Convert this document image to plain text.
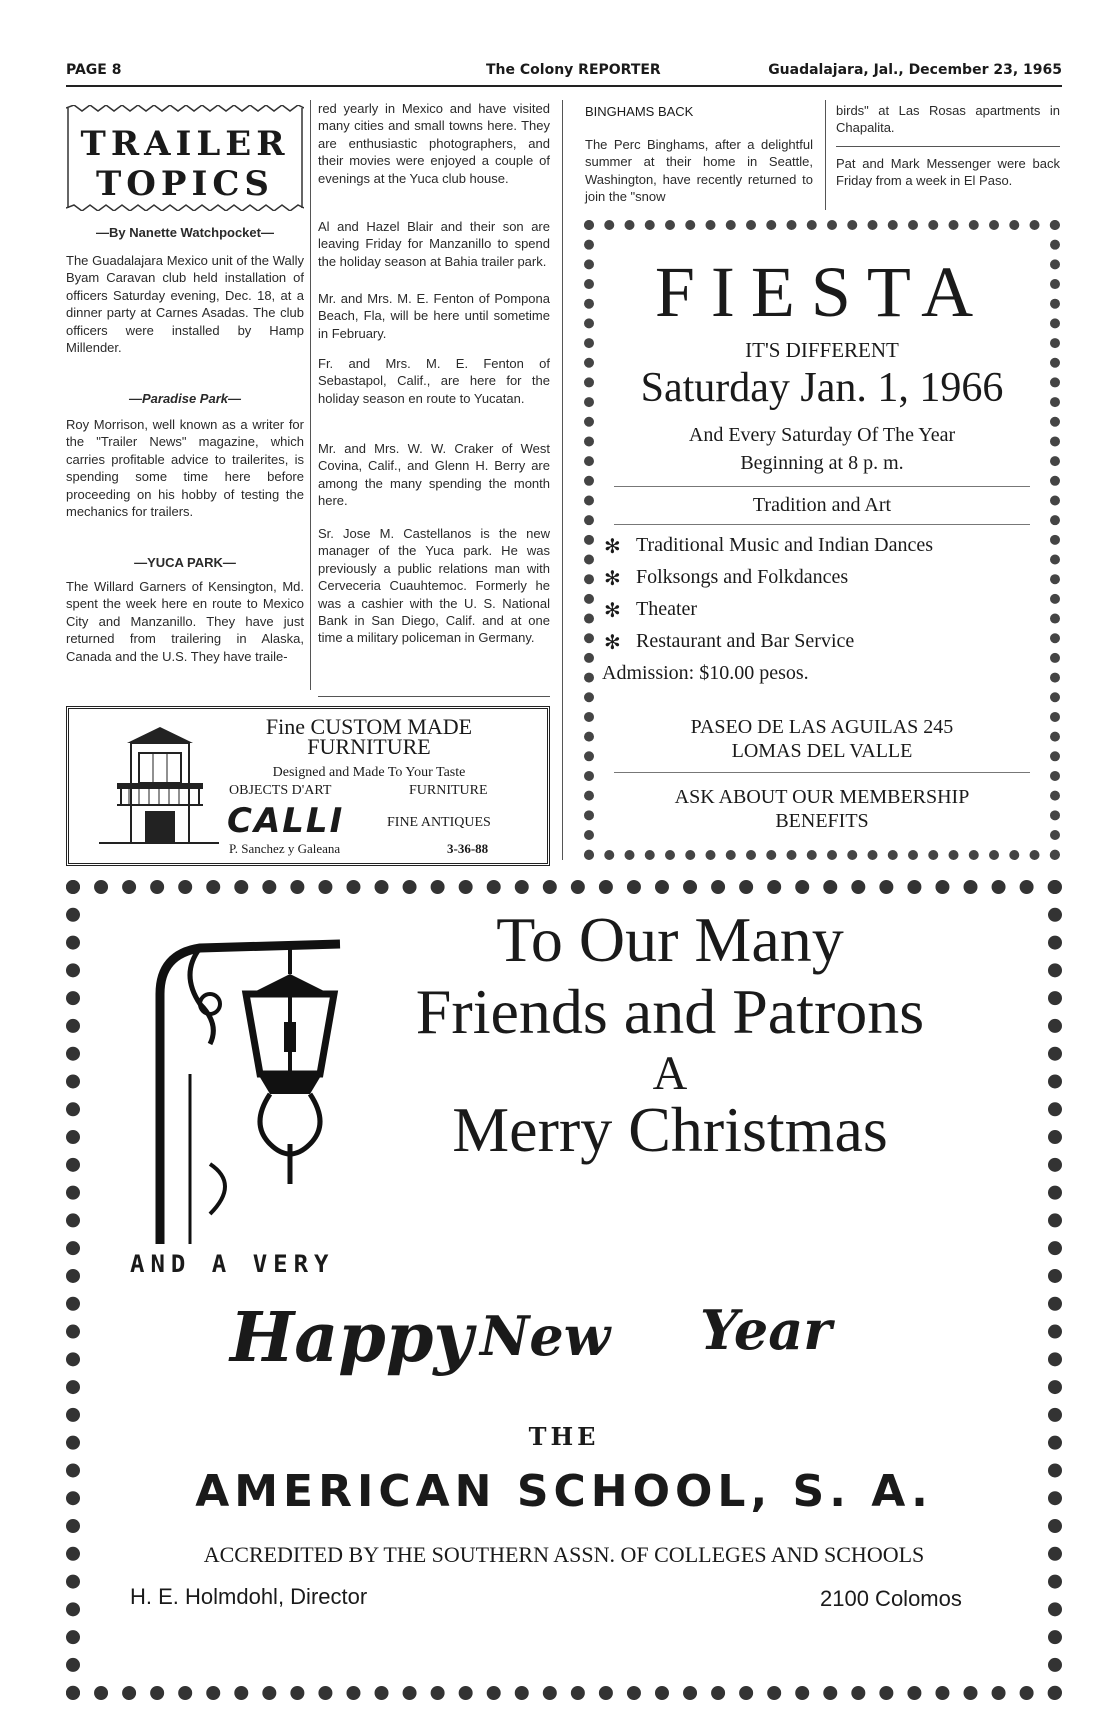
PAGE 8	The Colony REPORTER	Guadalajara, Jal., December 23, 1965
TRAILER
TOPICS
—By Nanette Watchpocket—

The Guadalajara Mexico unit of the Wally Byam Caravan club held installation of officers Saturday evening, Dec. 18, at a dinner party at Carnes Asadas. The club officers were installed by Hamp Millender.

—Paradise Park—

Roy Morrison, well known as a writer for the "Trailer News" magazine, which carries profitable advice to trailerites, is spending some time here before proceeding on his hobby of testing the mechanics for trailers.

—YUCA PARK—

The Willard Garners of Kensington, Md. spent the week here en route to Mexico City and Manzanillo. They have just returned from trailering in Alaska, Canada and the U.S. They have traile-

red yearly in Mexico and have visited many cities and small towns here. They are enthusiastic photographers, and their movies were enjoyed a couple of evenings at the Yuca club house.

Al and Hazel Blair and their son are leaving Friday for Manzanillo to spend the holiday season at Bahia trailer park.

Mr. and Mrs. M. E. Fenton of Pompona Beach, Fla, will be here until sometime in February.

Fr. and Mrs. M. E. Fenton of Sebastapol, Calif., are here for the holiday season en route to Yucatan.

Mr. and Mrs. W. W. Craker of West Covina, Calif., and Glenn H. Berry are among the many spending the month here.

Sr. Jose M. Castellanos is the new manager of the Yuca park. He was previously a public relations man with Cerveceria Cuauhtemoc. Formerly he was a cashier with the U. S. National Bank in San Diego, Calif. and at one time a military policeman in Germany.

BINGHAMS BACK

The Perc Binghams, after a delightful summer at their home in Seattle, Washington, have recently returned to join the "snow

birds" at Las Rosas apartments in Chapalita.

Pat and Mark Messenger were back Friday from a week in El Paso.

Fine CUSTOM MADE
FURNITURE
Designed and Made To Your Taste
OBJECTS D'ART	FURNITURE
CALLI	FINE ANTIQUES
P. Sanchez y Galeana	3-36-88
FIESTA
IT'S DIFFERENT
Saturday Jan. 1, 1966
And Every Saturday Of The Year
Beginning at 8 p. m.
Tradition and Art
✻ Traditional Music and Indian Dances
✻ Folksongs and Folkdances
✻ Theater
✻ Restaurant and Bar Service
Admission: $10.00 pesos.
PASEO DE LAS AGUILAS 245
LOMAS DEL VALLE
ASK ABOUT OUR MEMBERSHIP
BENEFITS
To Our Many
Friends and Patrons
A
Merry Christmas
AND A VERY
Happy New Year
THE
AMERICAN SCHOOL, S. A.
ACCREDITED BY THE SOUTHERN ASSN. OF COLLEGES AND SCHOOLS
H. E. Holmdohl, Director	2100 Colomos
